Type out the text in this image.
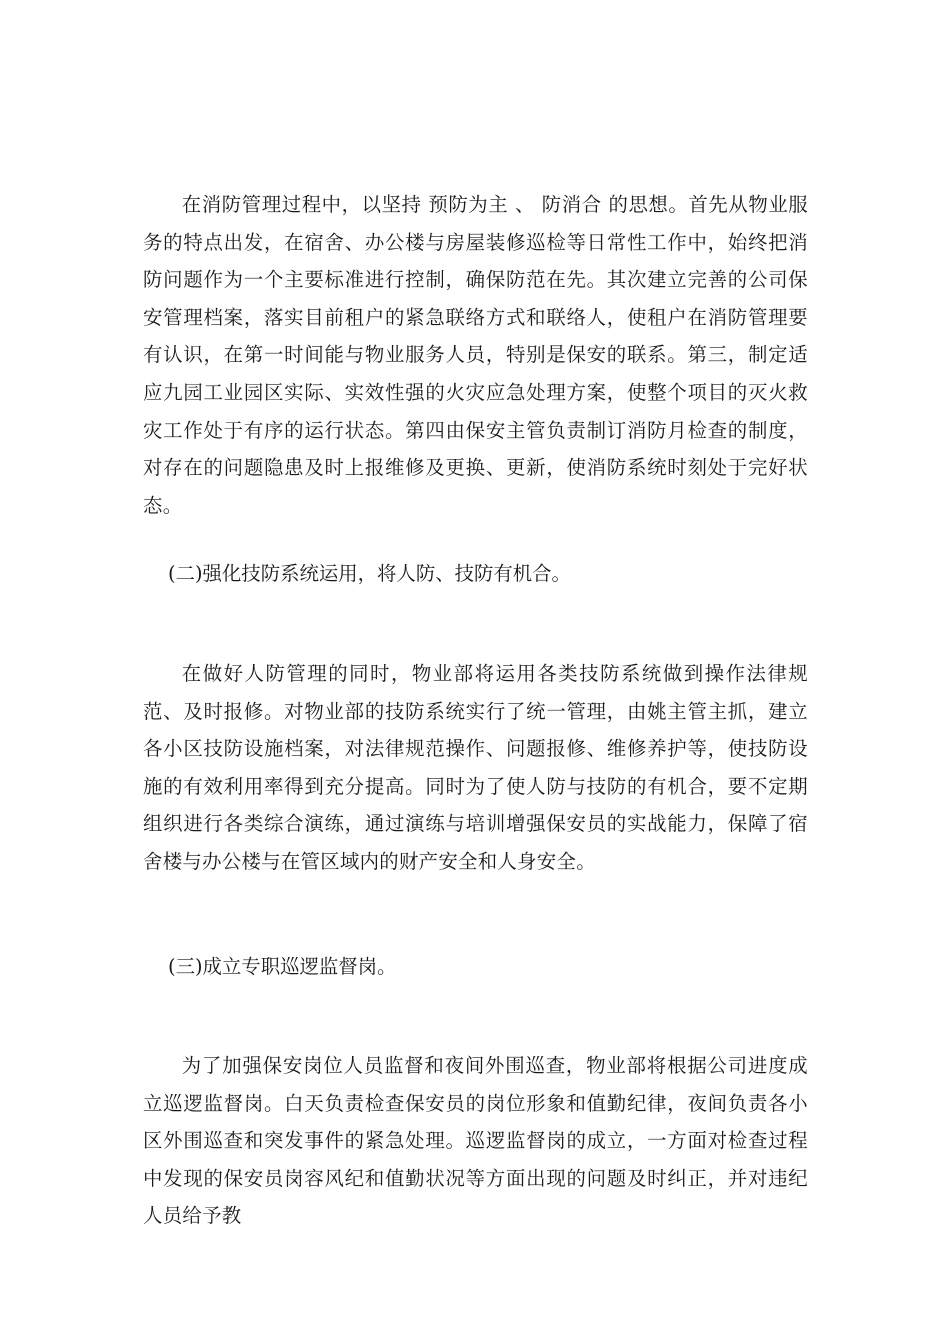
在消防管理过程中，以坚持 预防为主 、 防消合 的思想。首先从物业服务的特点出发，在宿舍、办公楼与房屋装修巡检等日常性工作中，始终把消防问题作为一个主要标准进行控制，确保防范在先。其次建立完善的公司保安管理档案，落实目前租户的紧急联络方式和联络人，使租户在消防管理要有认识，在第一时间能与物业服务人员，特别是保安的联系。第三，制定适应九园工业园区实际、实效性强的火灾应急处理方案，使整个项目的灭火救灾工作处于有序的运行状态。第四由保安主管负责制订消防月检查的制度，对存在的问题隐患及时上报维修及更换、更新，使消防系统时刻处于完好状态。

(二)强化技防系统运用，将人防、技防有机合。

在做好人防管理的同时，物业部将运用各类技防系统做到操作法律规范、及时报修。对物业部的技防系统实行了统一管理，由姚主管主抓，建立各小区技防设施档案，对法律规范操作、问题报修、维修养护等，使技防设施的有效利用率得到充分提高。同时为了使人防与技防的有机合，要不定期组织进行各类综合演练，通过演练与培训增强保安员的实战能力，保障了宿舍楼与办公楼与在管区域内的财产安全和人身安全。

(三)成立专职巡逻监督岗。

为了加强保安岗位人员监督和夜间外围巡查，物业部将根据公司进度成立巡逻监督岗。白天负责检查保安员的岗位形象和值勤纪律，夜间负责各小区外围巡查和突发事件的紧急处理。巡逻监督岗的成立，一方面对检查过程中发现的保安员岗容风纪和值勤状况等方面出现的问题及时纠正，并对违纪人员给予教
